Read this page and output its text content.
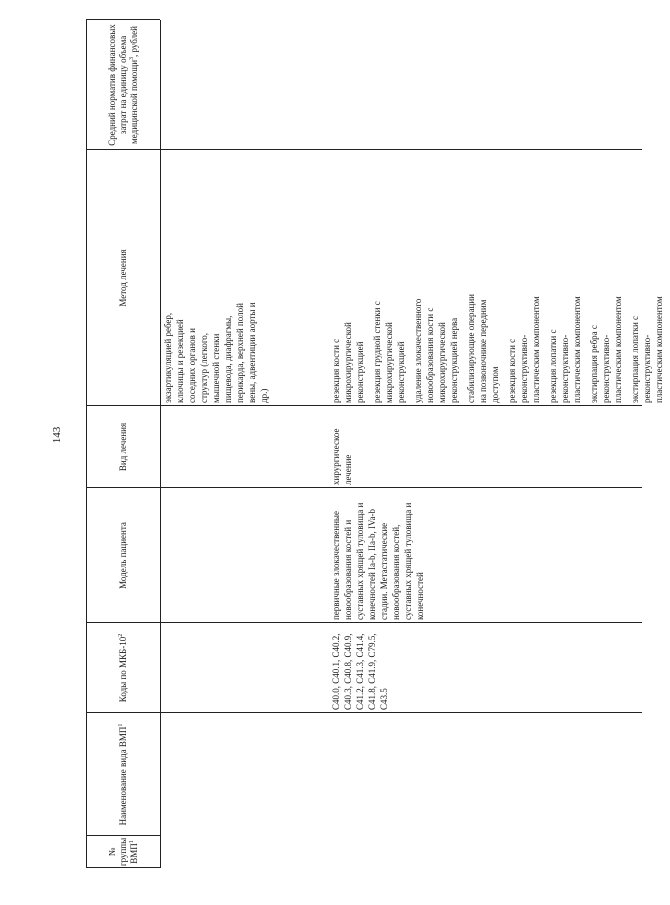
143
№ группы ВМП$^1$
Наименование вида ВМП$^1$
Коды по МКБ-$10^2$
Модель пациента
Вид лечения
Метод лечения
Средний норматив финансовых затрат на единицу объема медицинской помощи$^3$, рублей
C40.0, C40.1, C40.2, C40.3, C40.8, C40.9, C41.2, C41.3, C41.4, C41.8, C41.9, C79.5, C43.5
первичные злокачественные новообразования костей и суставных хрящей туловища и конечностей Ia-b, IIa-b, IVa-b стадии. Метастатические новообразования костей, суставных хрящей туловища и конечностей
хирургическое лечение
экзартикуляцией ребер, ключицы и резекцией соседних органов и структур (легкого, мышечной стенки пищевода, диафрагмы, перикарда, верхней полой вены, адвентиции аорты и др.)	резекция кости с микрохирургической реконструкцией резекция грудной стенки с микрохирургической реконструкцией удаление злокачественного новообразования кости с микрохирургической реконструкцией нерва стабилизирующие операции на позвоночнике передним доступом резекция кости с реконструктивно-пластическим компонентом резекция лопатки с реконструктивно-пластическим компонентом экстирпация ребра с реконструктивно-пластическим компонентом экстирпация лопатки с реконструктивно-пластическим компонентом
